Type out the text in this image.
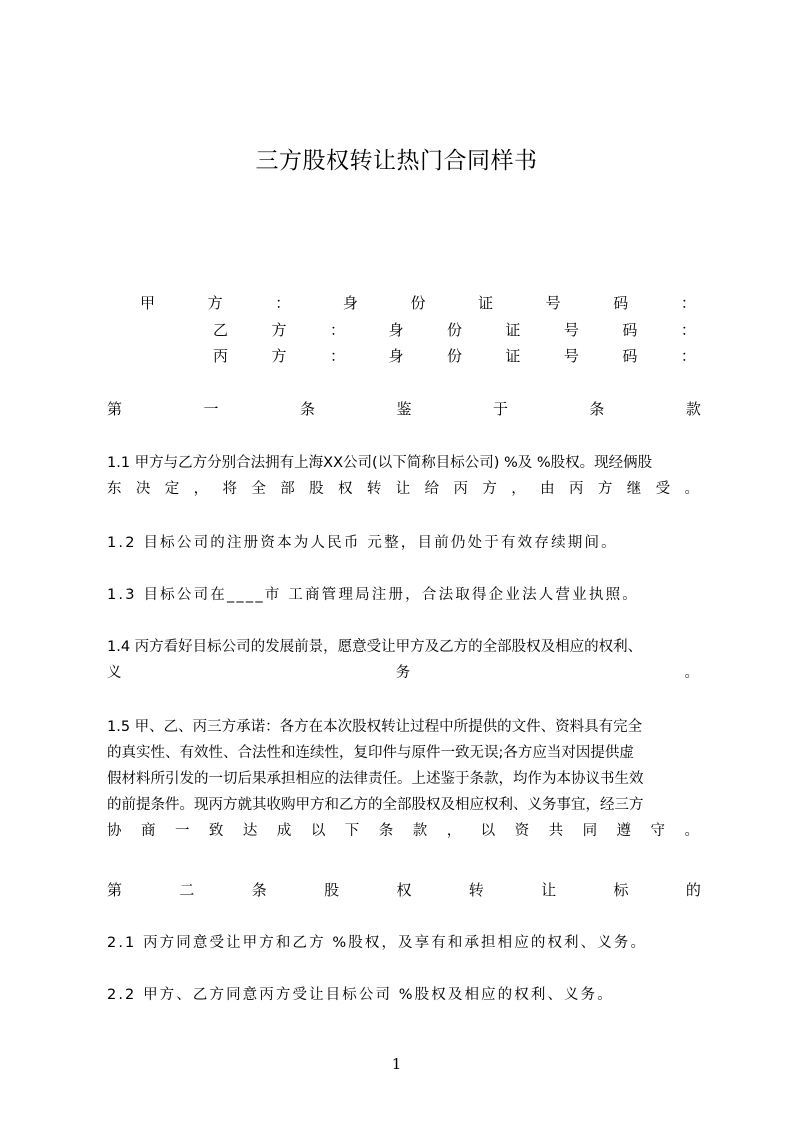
三方股权转让热门合同样书
甲	方	：	身	份	证	号	码	：
乙	方	：	身	份	证	号	码	：
丙	方	：	身	份	证	号	码	：
第	一	条	鉴	于	条	款
1.1 甲方与乙方分别合法拥有上海XX公司(以下简称目标公司) %及 %股权。现经俩股
东 决 定 ， 将 全 部 股 权 转 让 给 丙 方 ， 由 丙 方 继 受 。
1.2 目标公司的注册资本为人民币 元整，目前仍处于有效存续期间。
1.3 目标公司在____市 工商管理局注册，合法取得企业法人营业执照。
1.4 丙方看好目标公司的发展前景，愿意受让甲方及乙方的全部股权及相应的权利、
义	务	。
1.5 甲、乙、丙三方承诺：各方在本次股权转让过程中所提供的文件、资料具有完全
的真实性、有效性、合法性和连续性，复印件与原件一致无误;各方应当对因提供虚
假材料所引发的一切后果承担相应的法律责任。上述鉴于条款，均作为本协议书生效
的前提条件。现丙方就其收购甲方和乙方的全部股权及相应权利、义务事宜，经三方
协 商 一 致 达 成 以 下 条 款 ， 以 资 共 同 遵 守 。
第	二	条	股	权	转	让	标	的
2.1 丙方同意受让甲方和乙方 %股权，及享有和承担相应的权利、义务。
2.2 甲方、乙方同意丙方受让目标公司 %股权及相应的权利、义务。
1
